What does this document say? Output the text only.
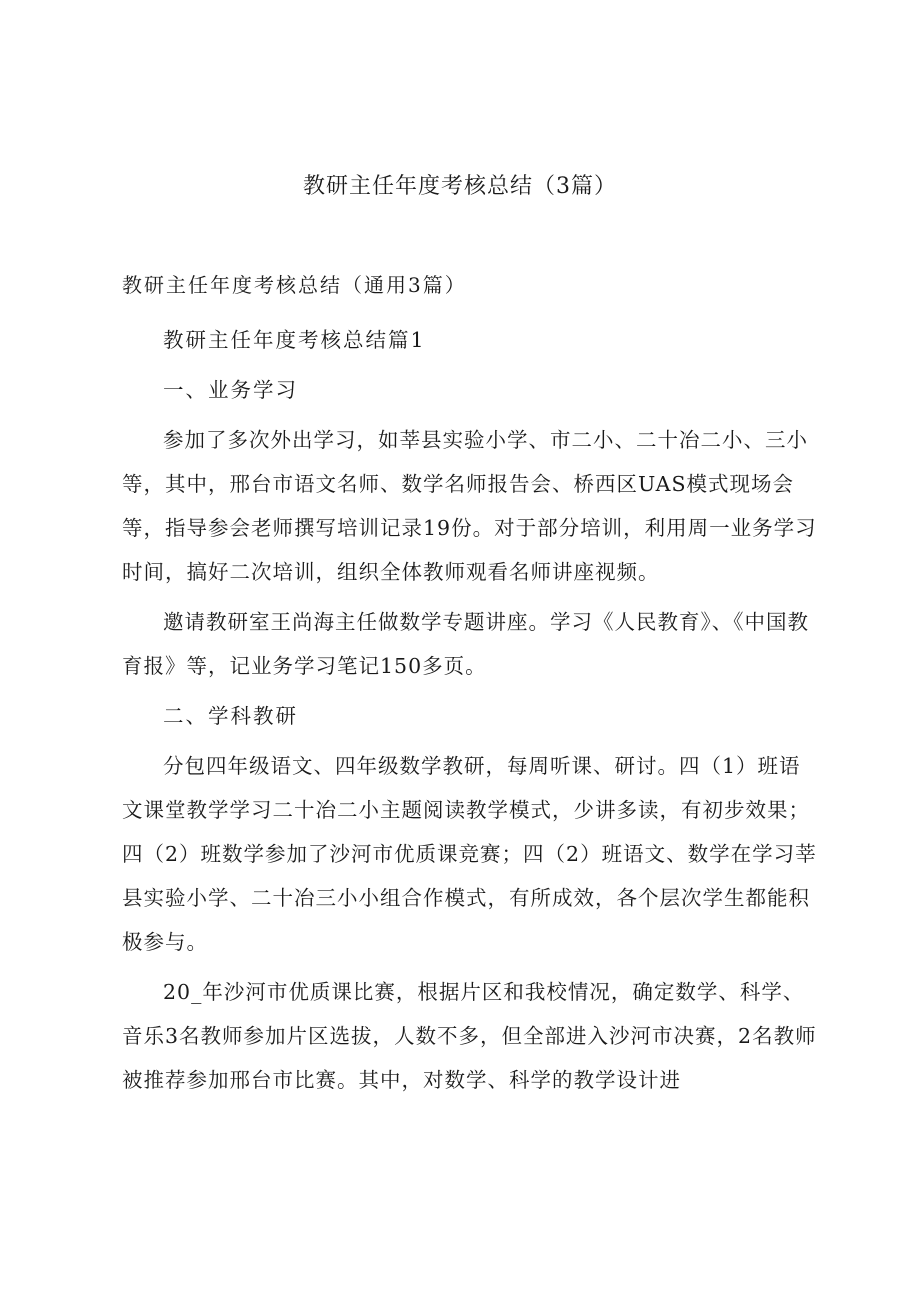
教研主任年度考核总结（3篇）

教研主任年度考核总结（通用3篇）

教研主任年度考核总结篇1

一、业务学习

参加了多次外出学习，如莘县实验小学、市二小、二十冶二小、三小等，其中，邢台市语文名师、数学名师报告会、桥西区UAS模式现场会等，指导参会老师撰写培训记录19份。对于部分培训，利用周一业务学习时间，搞好二次培训，组织全体教师观看名师讲座视频。

邀请教研室王尚海主任做数学专题讲座。学习《人民教育》、《中国教育报》等，记业务学习笔记150多页。

二、学科教研

分包四年级语文、四年级数学教研，每周听课、研讨。四（1）班语文课堂教学学习二十冶二小主题阅读教学模式，少讲多读，有初步效果；四（2）班数学参加了沙河市优质课竞赛；四（2）班语文、数学在学习莘县实验小学、二十冶三小小组合作模式，有所成效，各个层次学生都能积极参与。

20_年沙河市优质课比赛，根据片区和我校情况，确定数学、科学、音乐3名教师参加片区选拔，人数不多，但全部进入沙河市决赛，2名教师被推荐参加邢台市比赛。其中，对数学、科学的教学设计进
